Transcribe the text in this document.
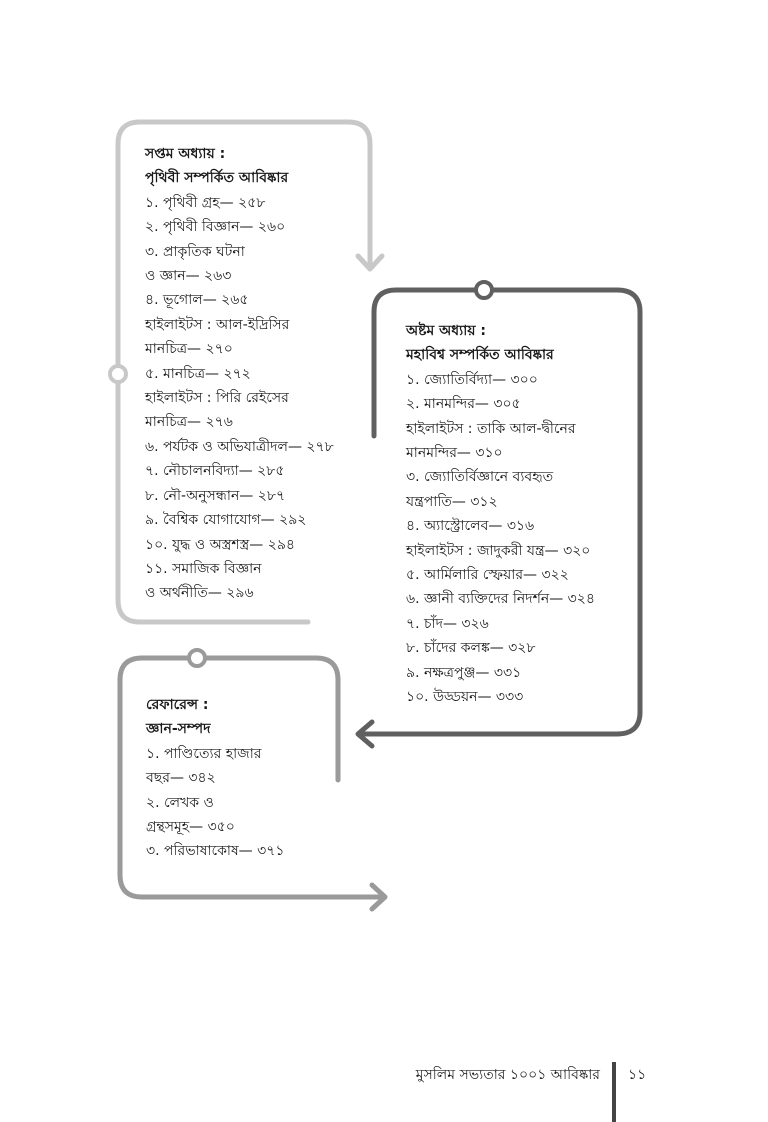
সপ্তম অধ্যায় :
পৃথিবী সম্পর্কিত আবিষ্কার
১. পৃথিবী গ্রহ— ২৫৮
২. পৃথিবী বিজ্ঞান— ২৬০
৩. প্রাকৃতিক ঘটনা
ও জ্ঞান— ২৬৩
৪. ভূগোল— ২৬৫
হাইলাইটস : আল-ইদ্রিসির
মানচিত্র— ২৭০
৫. মানচিত্র— ২৭২
হাইলাইটস : পিরি রেইসের
মানচিত্র— ২৭৬
৬. পর্যটক ও অভিযাত্রীদল— ২৭৮
৭. নৌচালনবিদ্যা— ২৮৫
৮. নৌ-অনুসন্ধান— ২৮৭
৯. বৈশ্বিক যোগাযোগ— ২৯২
১০. যুদ্ধ ও অস্ত্রশস্ত্র— ২৯৪
১১. সমাজিক বিজ্ঞান
ও অর্থনীতি— ২৯৬
অষ্টম অধ্যায় :
মহাবিশ্ব সম্পর্কিত আবিষ্কার
১. জ্যোতির্বিদ্যা— ৩০০
২. মানমন্দির— ৩০৫
হাইলাইটস : তাকি আল-দ্বীনের
মানমন্দির— ৩১০
৩. জ্যোতির্বিজ্ঞানে ব্যবহৃত
যন্ত্রপাতি— ৩১২
৪. অ্যাস্ট্রোলেব— ৩১৬
হাইলাইটস : জাদুকরী যন্ত্র— ৩২০
৫. আর্মিলারি স্ফেয়ার— ৩২২
৬. জ্ঞানী ব্যক্তিদের নিদর্শন— ৩২৪
৭. চাঁদ— ৩২৬
৮. চাঁদের কলঙ্ক— ৩২৮
৯. নক্ষত্রপুঞ্জ— ৩৩১
১০. উড্ডয়ন— ৩৩৩
রেফারেন্স :
জ্ঞান-সম্পদ
১. পাণ্ডিত্যের হাজার
বছর— ৩৪২
২. লেখক ও
গ্রন্থসমূহ— ৩৫০
৩. পরিভাষাকোষ— ৩৭১
মুসলিম সভ্যতার ১০০১ আবিষ্কার ১১
